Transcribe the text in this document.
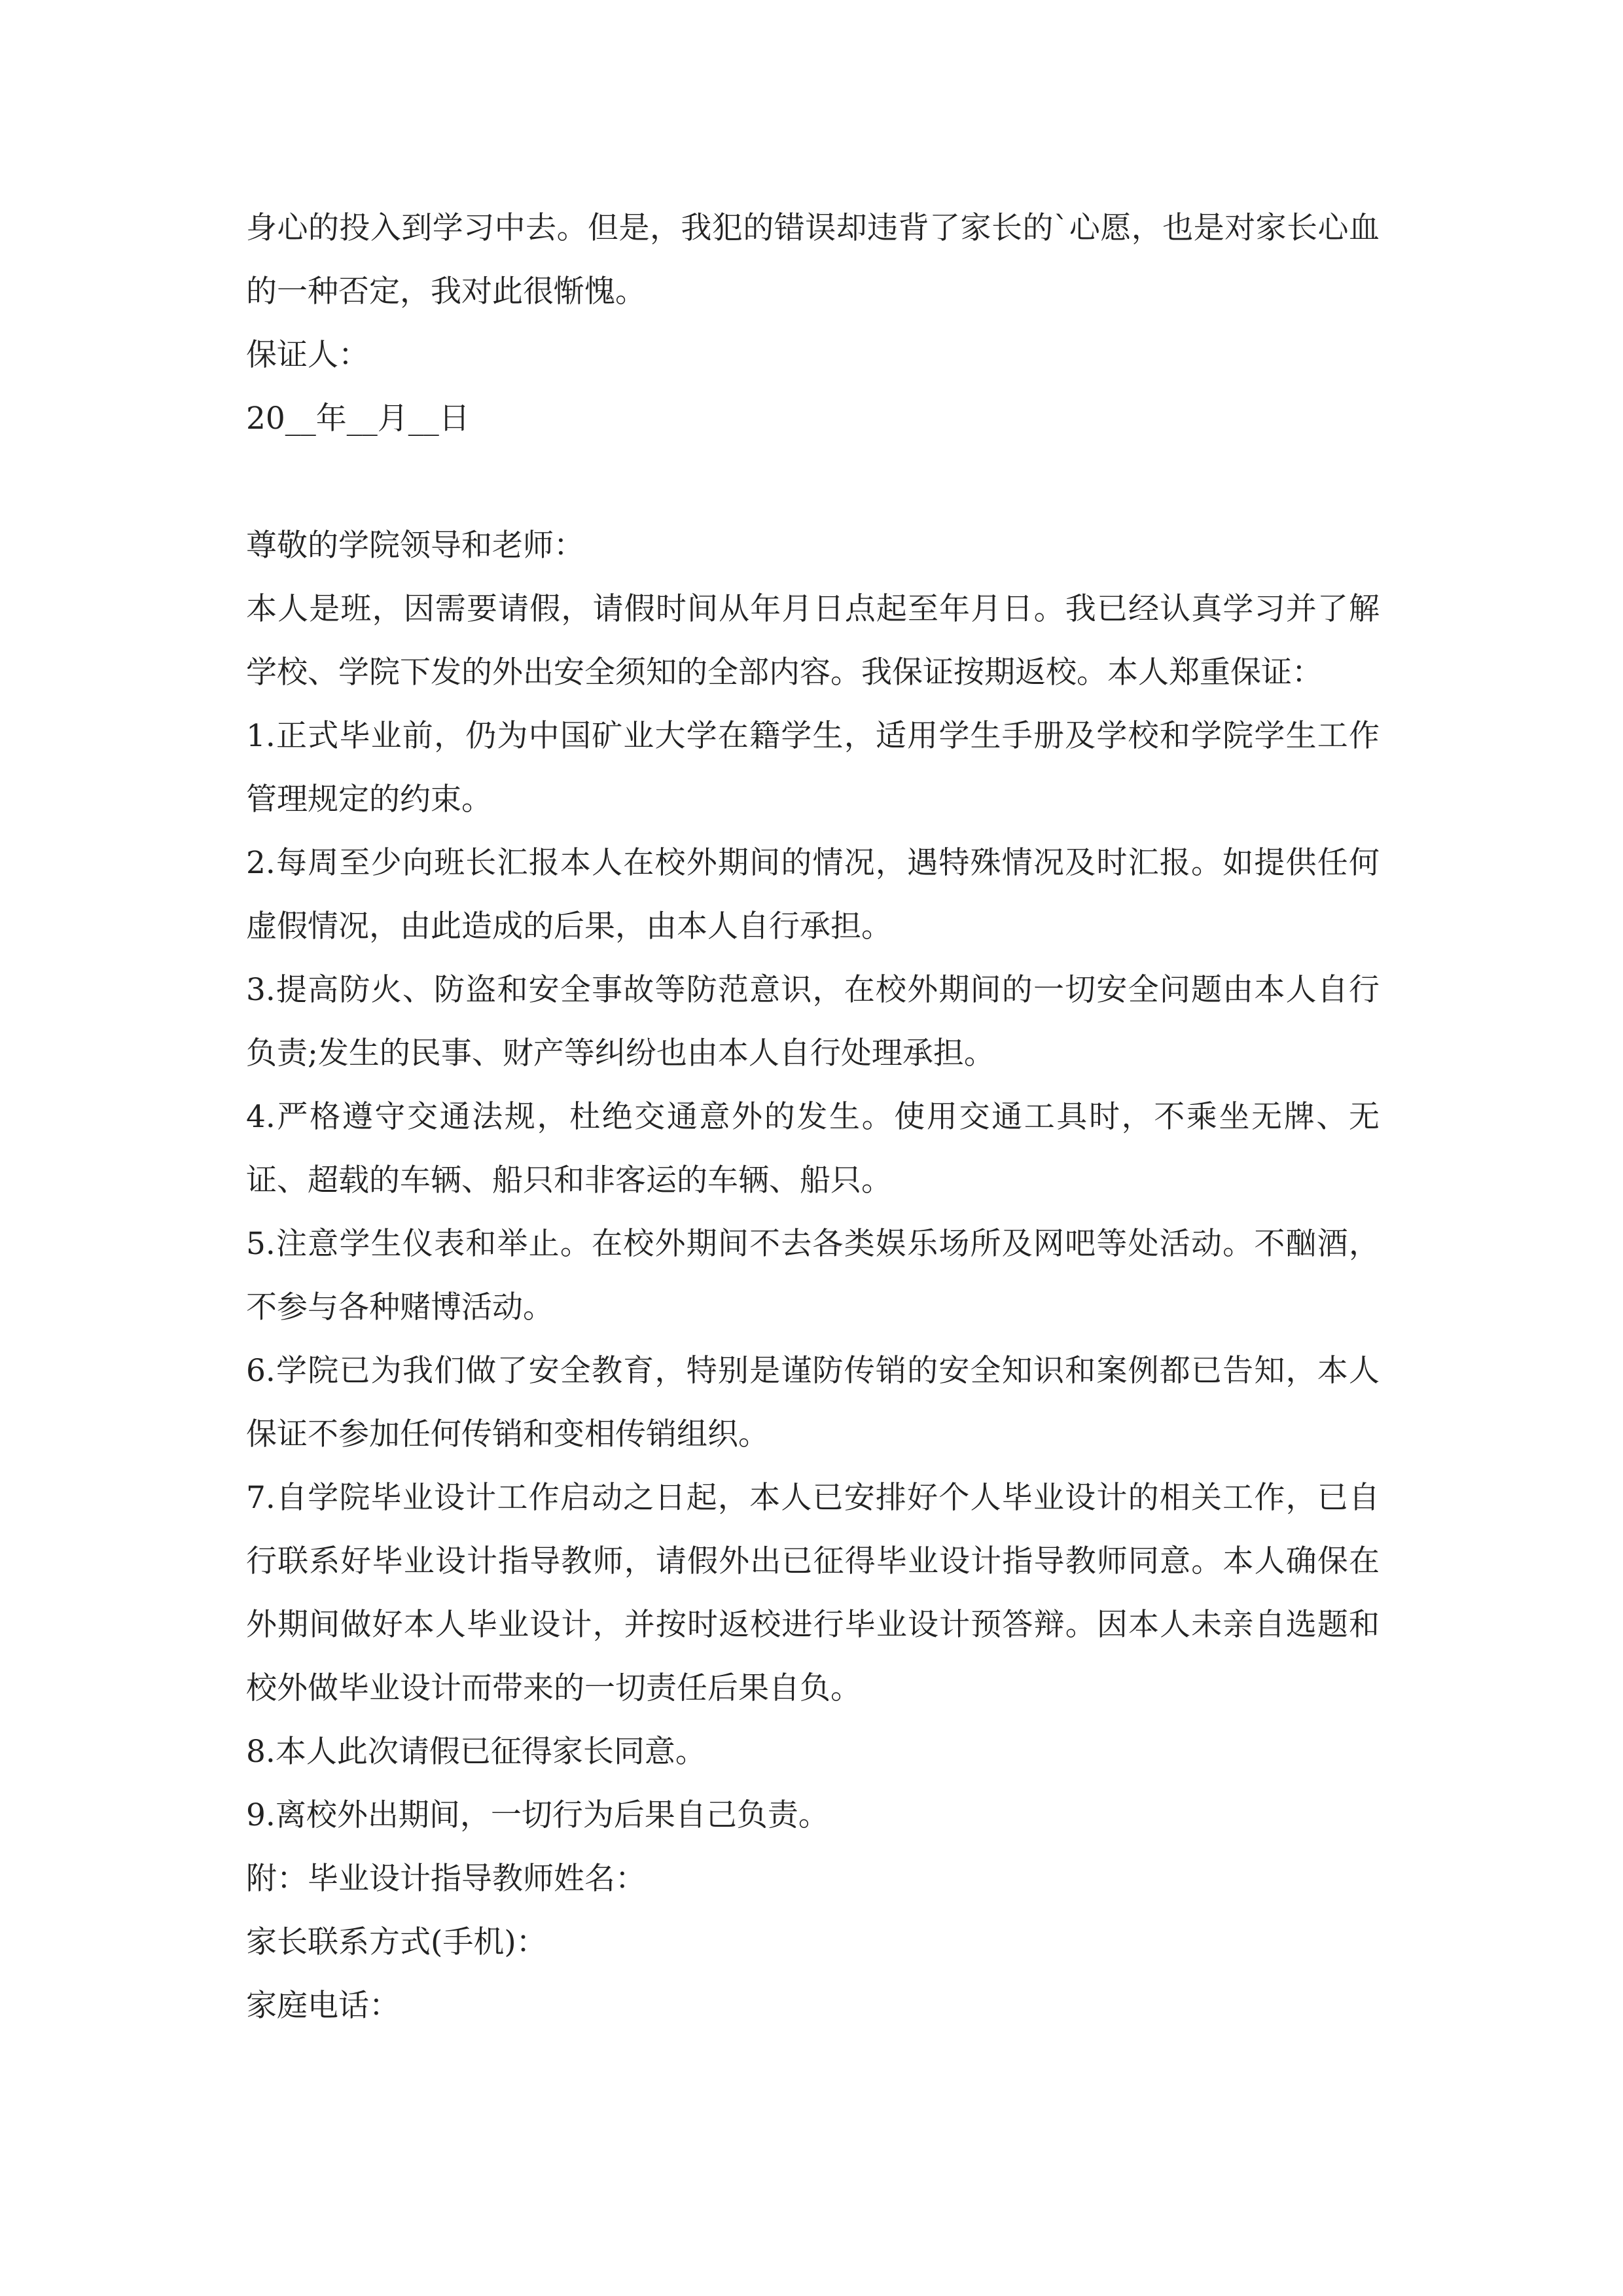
身心的投入到学习中去。但是，我犯的错误却违背了家长的`心愿，也是对家长心血的一种否定，我对此很惭愧。

保证人：

20__年__月__日

尊敬的学院领导和老师：

本人是班，因需要请假，请假时间从年月日点起至年月日。我已经认真学习并了解学校、学院下发的外出安全须知的全部内容。我保证按期返校。本人郑重保证：

1.正式毕业前，仍为中国矿业大学在籍学生，适用学生手册及学校和学院学生工作管理规定的约束。

2.每周至少向班长汇报本人在校外期间的情况，遇特殊情况及时汇报。如提供任何虚假情况，由此造成的后果，由本人自行承担。

3.提高防火、防盗和安全事故等防范意识，在校外期间的一切安全问题由本人自行负责;发生的民事、财产等纠纷也由本人自行处理承担。

4.严格遵守交通法规，杜绝交通意外的发生。使用交通工具时，不乘坐无牌、无证、超载的车辆、船只和非客运的车辆、船只。

5.注意学生仪表和举止。在校外期间不去各类娱乐场所及网吧等处活动。不酗酒，不参与各种赌博活动。

6.学院已为我们做了安全教育，特别是谨防传销的安全知识和案例都已告知，本人保证不参加任何传销和变相传销组织。

7.自学院毕业设计工作启动之日起，本人已安排好个人毕业设计的相关工作，已自行联系好毕业设计指导教师，请假外出已征得毕业设计指导教师同意。本人确保在外期间做好本人毕业设计，并按时返校进行毕业设计预答辩。因本人未亲自选题和校外做毕业设计而带来的一切责任后果自负。

8.本人此次请假已征得家长同意。

9.离校外出期间，一切行为后果自己负责。

附：毕业设计指导教师姓名：

家长联系方式(手机)：

家庭电话：
